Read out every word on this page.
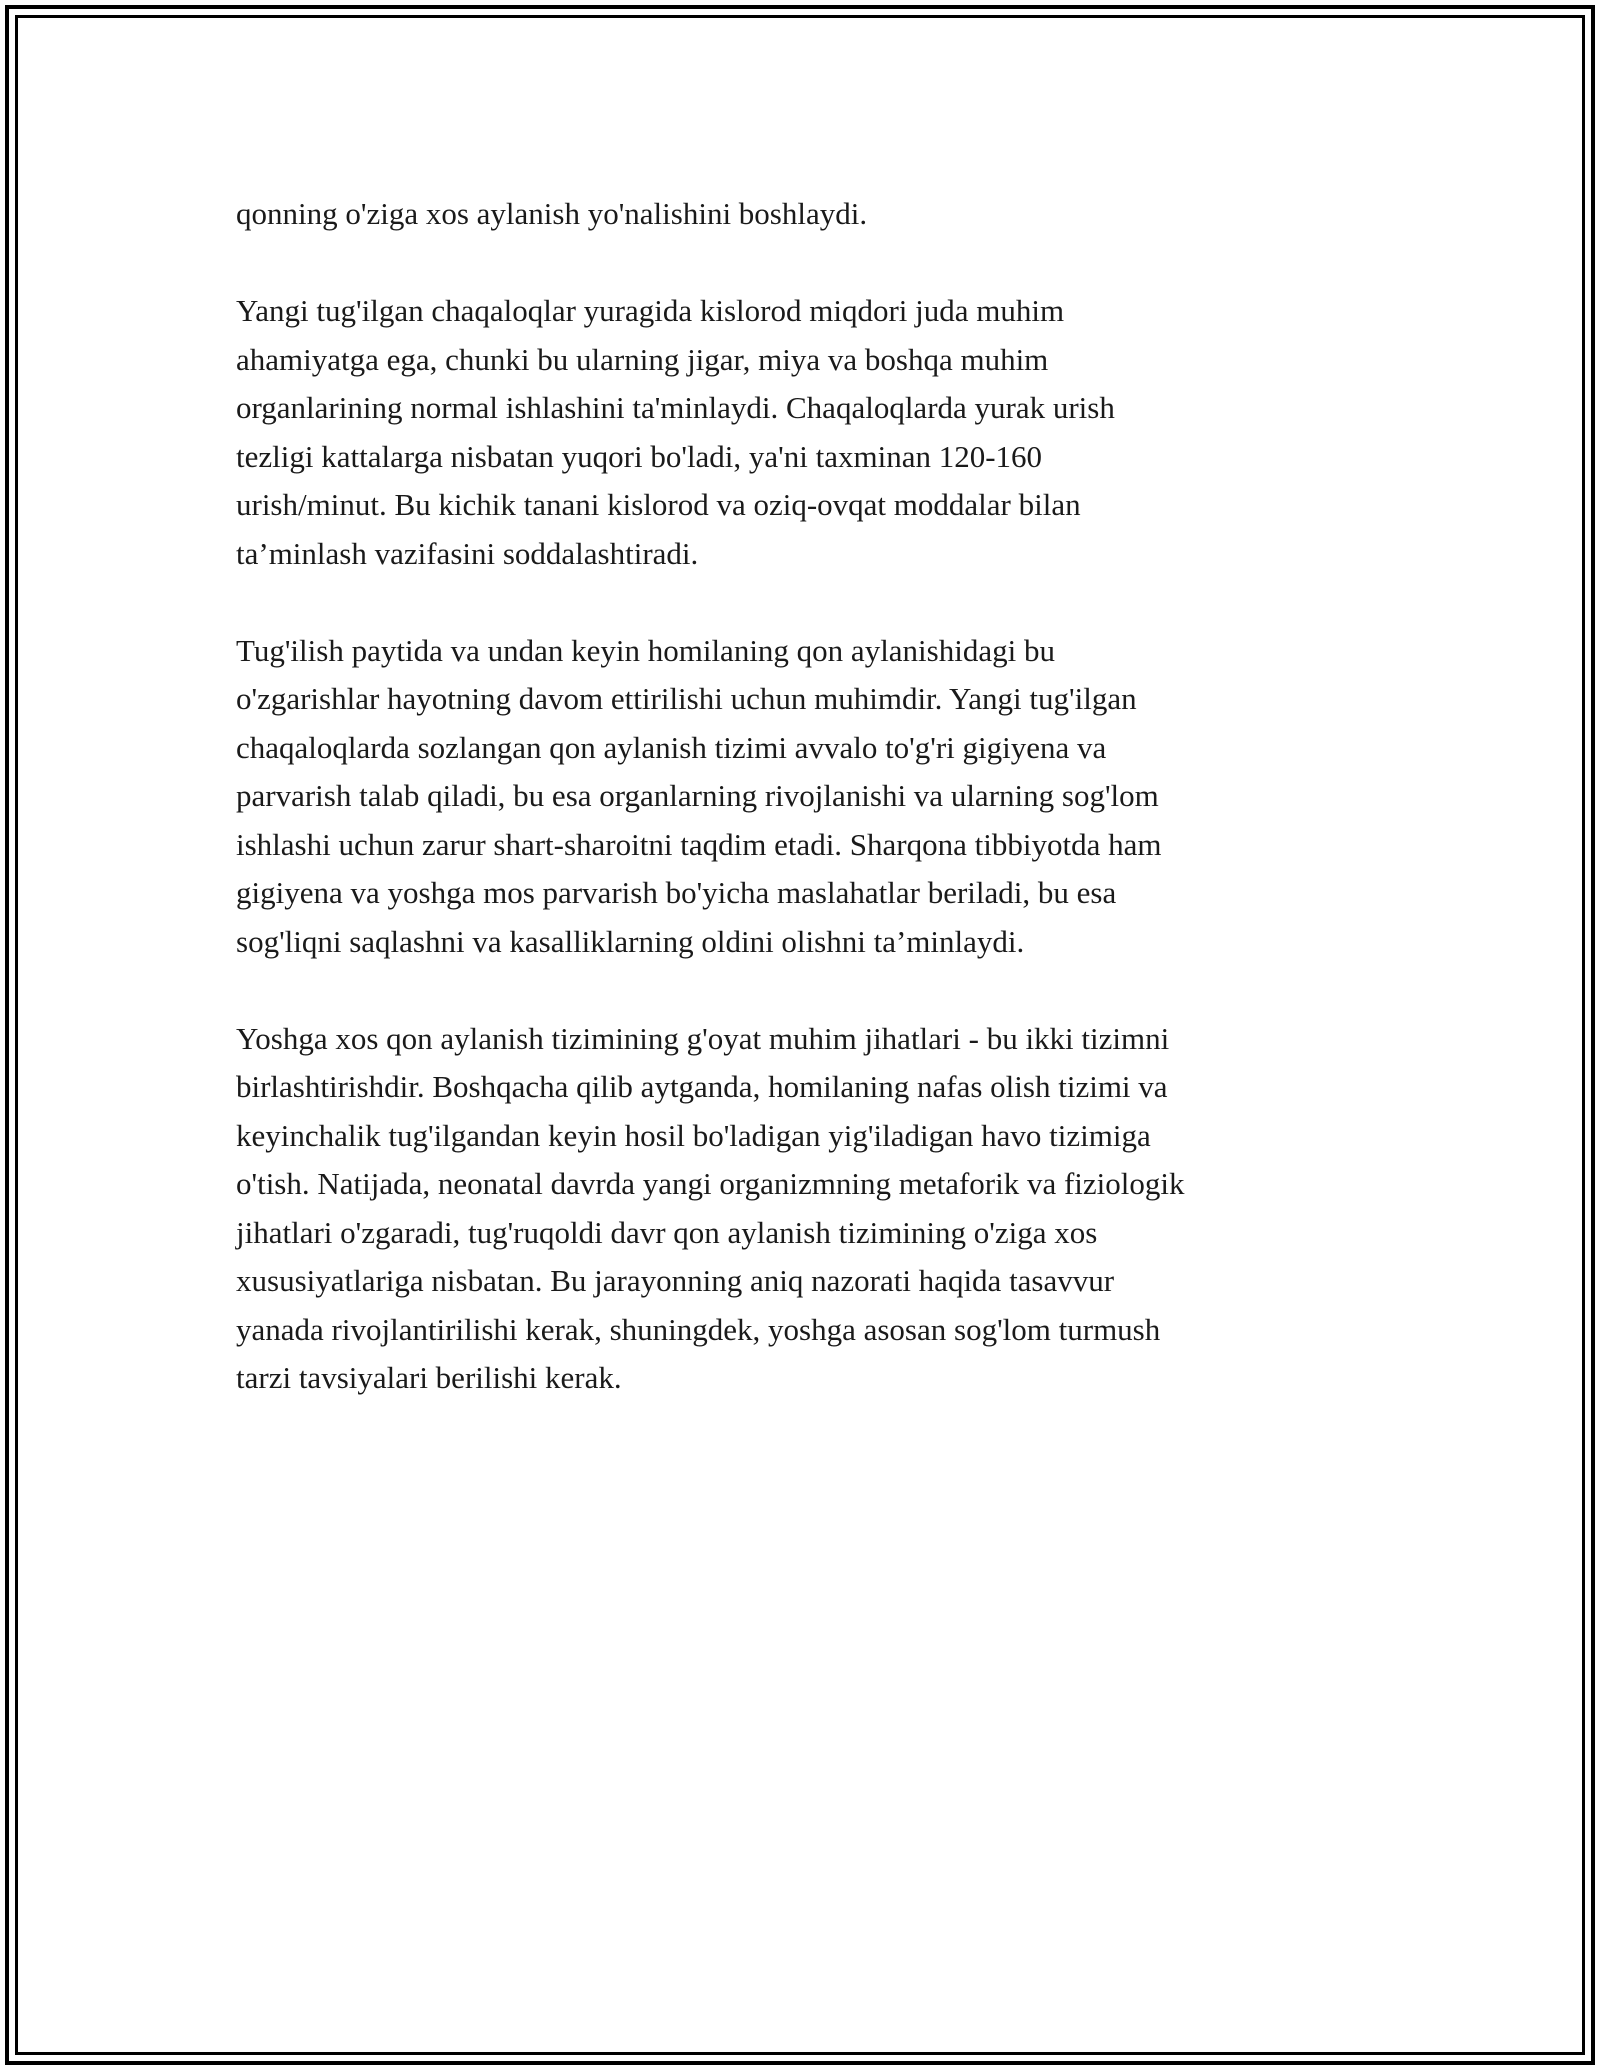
qonning o'ziga xos aylanish yo'nalishini boshlaydi.

Yangi tug'ilgan chaqaloqlar yuragida kislorod miqdori juda muhim
ahamiyatga ega, chunki bu ularning jigar, miya va boshqa muhim
organlarining normal ishlashini ta'minlaydi. Chaqaloqlarda yurak urish
tezligi kattalarga nisbatan yuqori bo'ladi, ya'ni taxminan 120-160
urish/minut. Bu kichik tanani kislorod va oziq-ovqat moddalar bilan
ta’minlash vazifasini soddalashtiradi.

Tug'ilish paytida va undan keyin homilaning qon aylanishidagi bu
o'zgarishlar hayotning davom ettirilishi uchun muhimdir. Yangi tug'ilgan
chaqaloqlarda sozlangan qon aylanish tizimi avvalo to'g'ri gigiyena va
parvarish talab qiladi, bu esa organlarning rivojlanishi va ularning sog'lom
ishlashi uchun zarur shart-sharoitni taqdim etadi. Sharqona tibbiyotda ham
gigiyena va yoshga mos parvarish bo'yicha maslahatlar beriladi, bu esa
sog'liqni saqlashni va kasalliklarning oldini olishni ta’minlaydi.

Yoshga xos qon aylanish tizimining g'oyat muhim jihatlari - bu ikki tizimni
birlashtirishdir. Boshqacha qilib aytganda, homilaning nafas olish tizimi va
keyinchalik tug'ilgandan keyin hosil bo'ladigan yig'iladigan havo tizimiga
o'tish. Natijada, neonatal davrda yangi organizmning metaforik va fiziologik
jihatlari o'zgaradi, tug'ruqoldi davr qon aylanish tizimining o'ziga xos
xususiyatlariga nisbatan. Bu jarayonning aniq nazorati haqida tasavvur
yanada rivojlantirilishi kerak, shuningdek, yoshga asosan sog'lom turmush
tarzi tavsiyalari berilishi kerak.
